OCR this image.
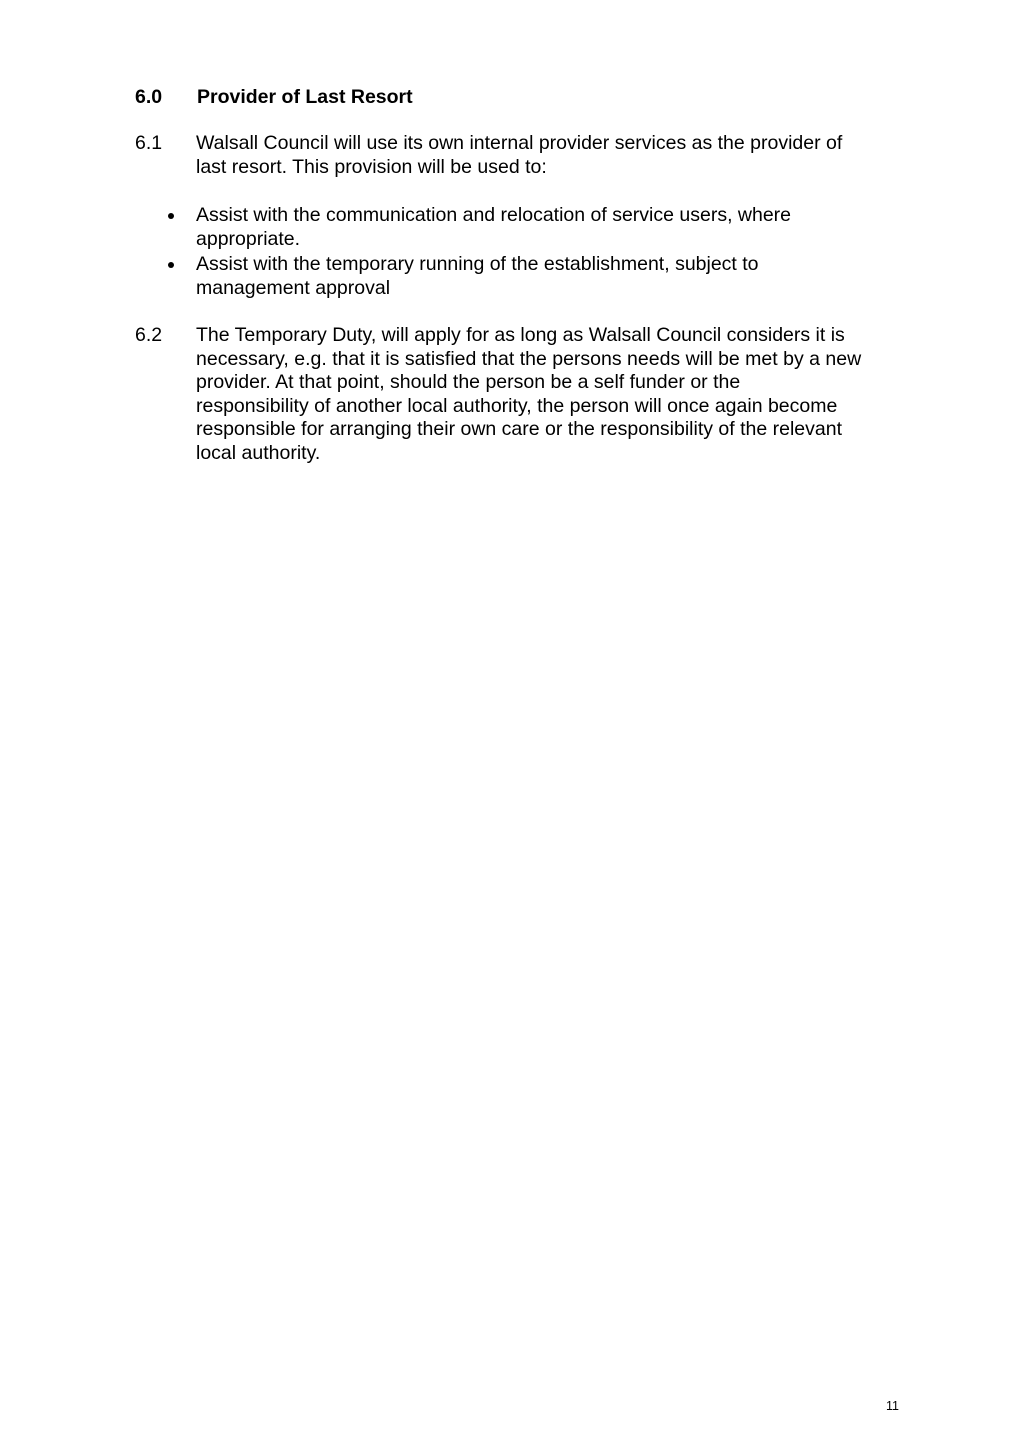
6.0 Provider of Last Resort
6.1 Walsall Council will use its own internal provider services as the provider of
last resort. This provision will be used to:
Assist with the communication and relocation of service users, where
appropriate.
Assist with the temporary running of the establishment, subject to
management approval
6.2 The Temporary Duty, will apply for as long as Walsall Council considers it is
necessary, e.g. that it is satisfied that the persons needs will be met by a new
provider. At that point, should the person be a self funder or the
responsibility of another local authority, the person will once again become
responsible for arranging their own care or the responsibility of the relevant
local authority.
11
